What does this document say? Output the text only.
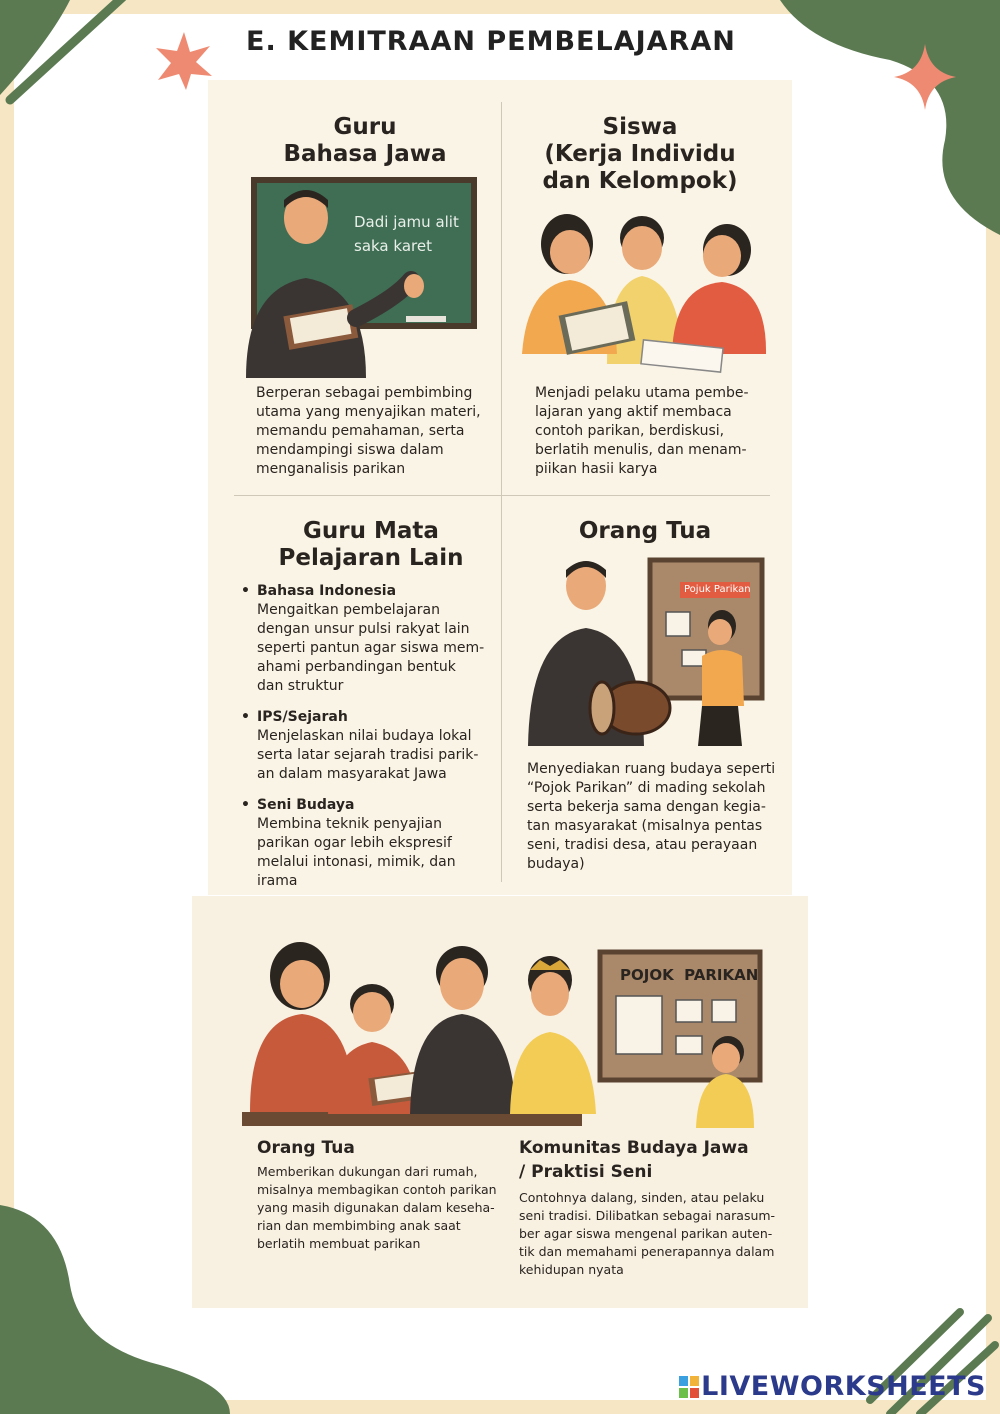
E. KEMITRAAN PEMBELAJARAN
Guru
Bahasa Jawa
Dadi jamu alit
saka karet
Berperan sebagai pembimbing
utama yang menyajikan materi,
memandu pemahaman, serta
mendampingi siswa dalam
menganalisis parikan
Siswa
(Kerja Individu
dan Kelompok)
Menjadi pelaku utama pembe-
lajaran yang aktif membaca
contoh parikan, berdiskusi,
berlatih menulis, dan menam-
piikan hasii karya
Guru Mata
Pelajaran Lain
• Bahasa Indonesia
Mengaitkan pembelajaran
dengan unsur pulsi rakyat lain
seperti pantun agar siswa mem-
ahami perbandingan bentuk
dan struktur
• IPS/Sejarah
Menjelaskan nilai budaya lokal
serta latar sejarah tradisi parik-
an dalam masyarakat Jawa
• Seni Budaya
Membina teknik penyajian
parikan ogar lebih ekspresif
melalui intonasi, mimik, dan
irama
Orang Tua
Pojuk Parikan
Menyediakan ruang budaya seperti
“Pojok Parikan” di mading sekolah
serta bekerja sama dengan kegia-
tan masyarakat (misalnya pentas
seni, tradisi desa, atau perayaan
budaya)
POJOK  PARIKAN
Orang Tua
Memberikan dukungan dari rumah,
misalnya membagikan contoh parikan
yang masih digunakan dalam keseha-
rian dan membimbing anak saat
berlatih membuat parikan
Komunitas Budaya Jawa
/ Praktisi Seni
Contohnya dalang, sinden, atau pelaku
seni tradisi. Dilibatkan sebagai narasum-
ber agar siswa mengenal parikan auten-
tik dan memahami penerapannya dalam
kehidupan nyata
LIVEWORKSHEETS
